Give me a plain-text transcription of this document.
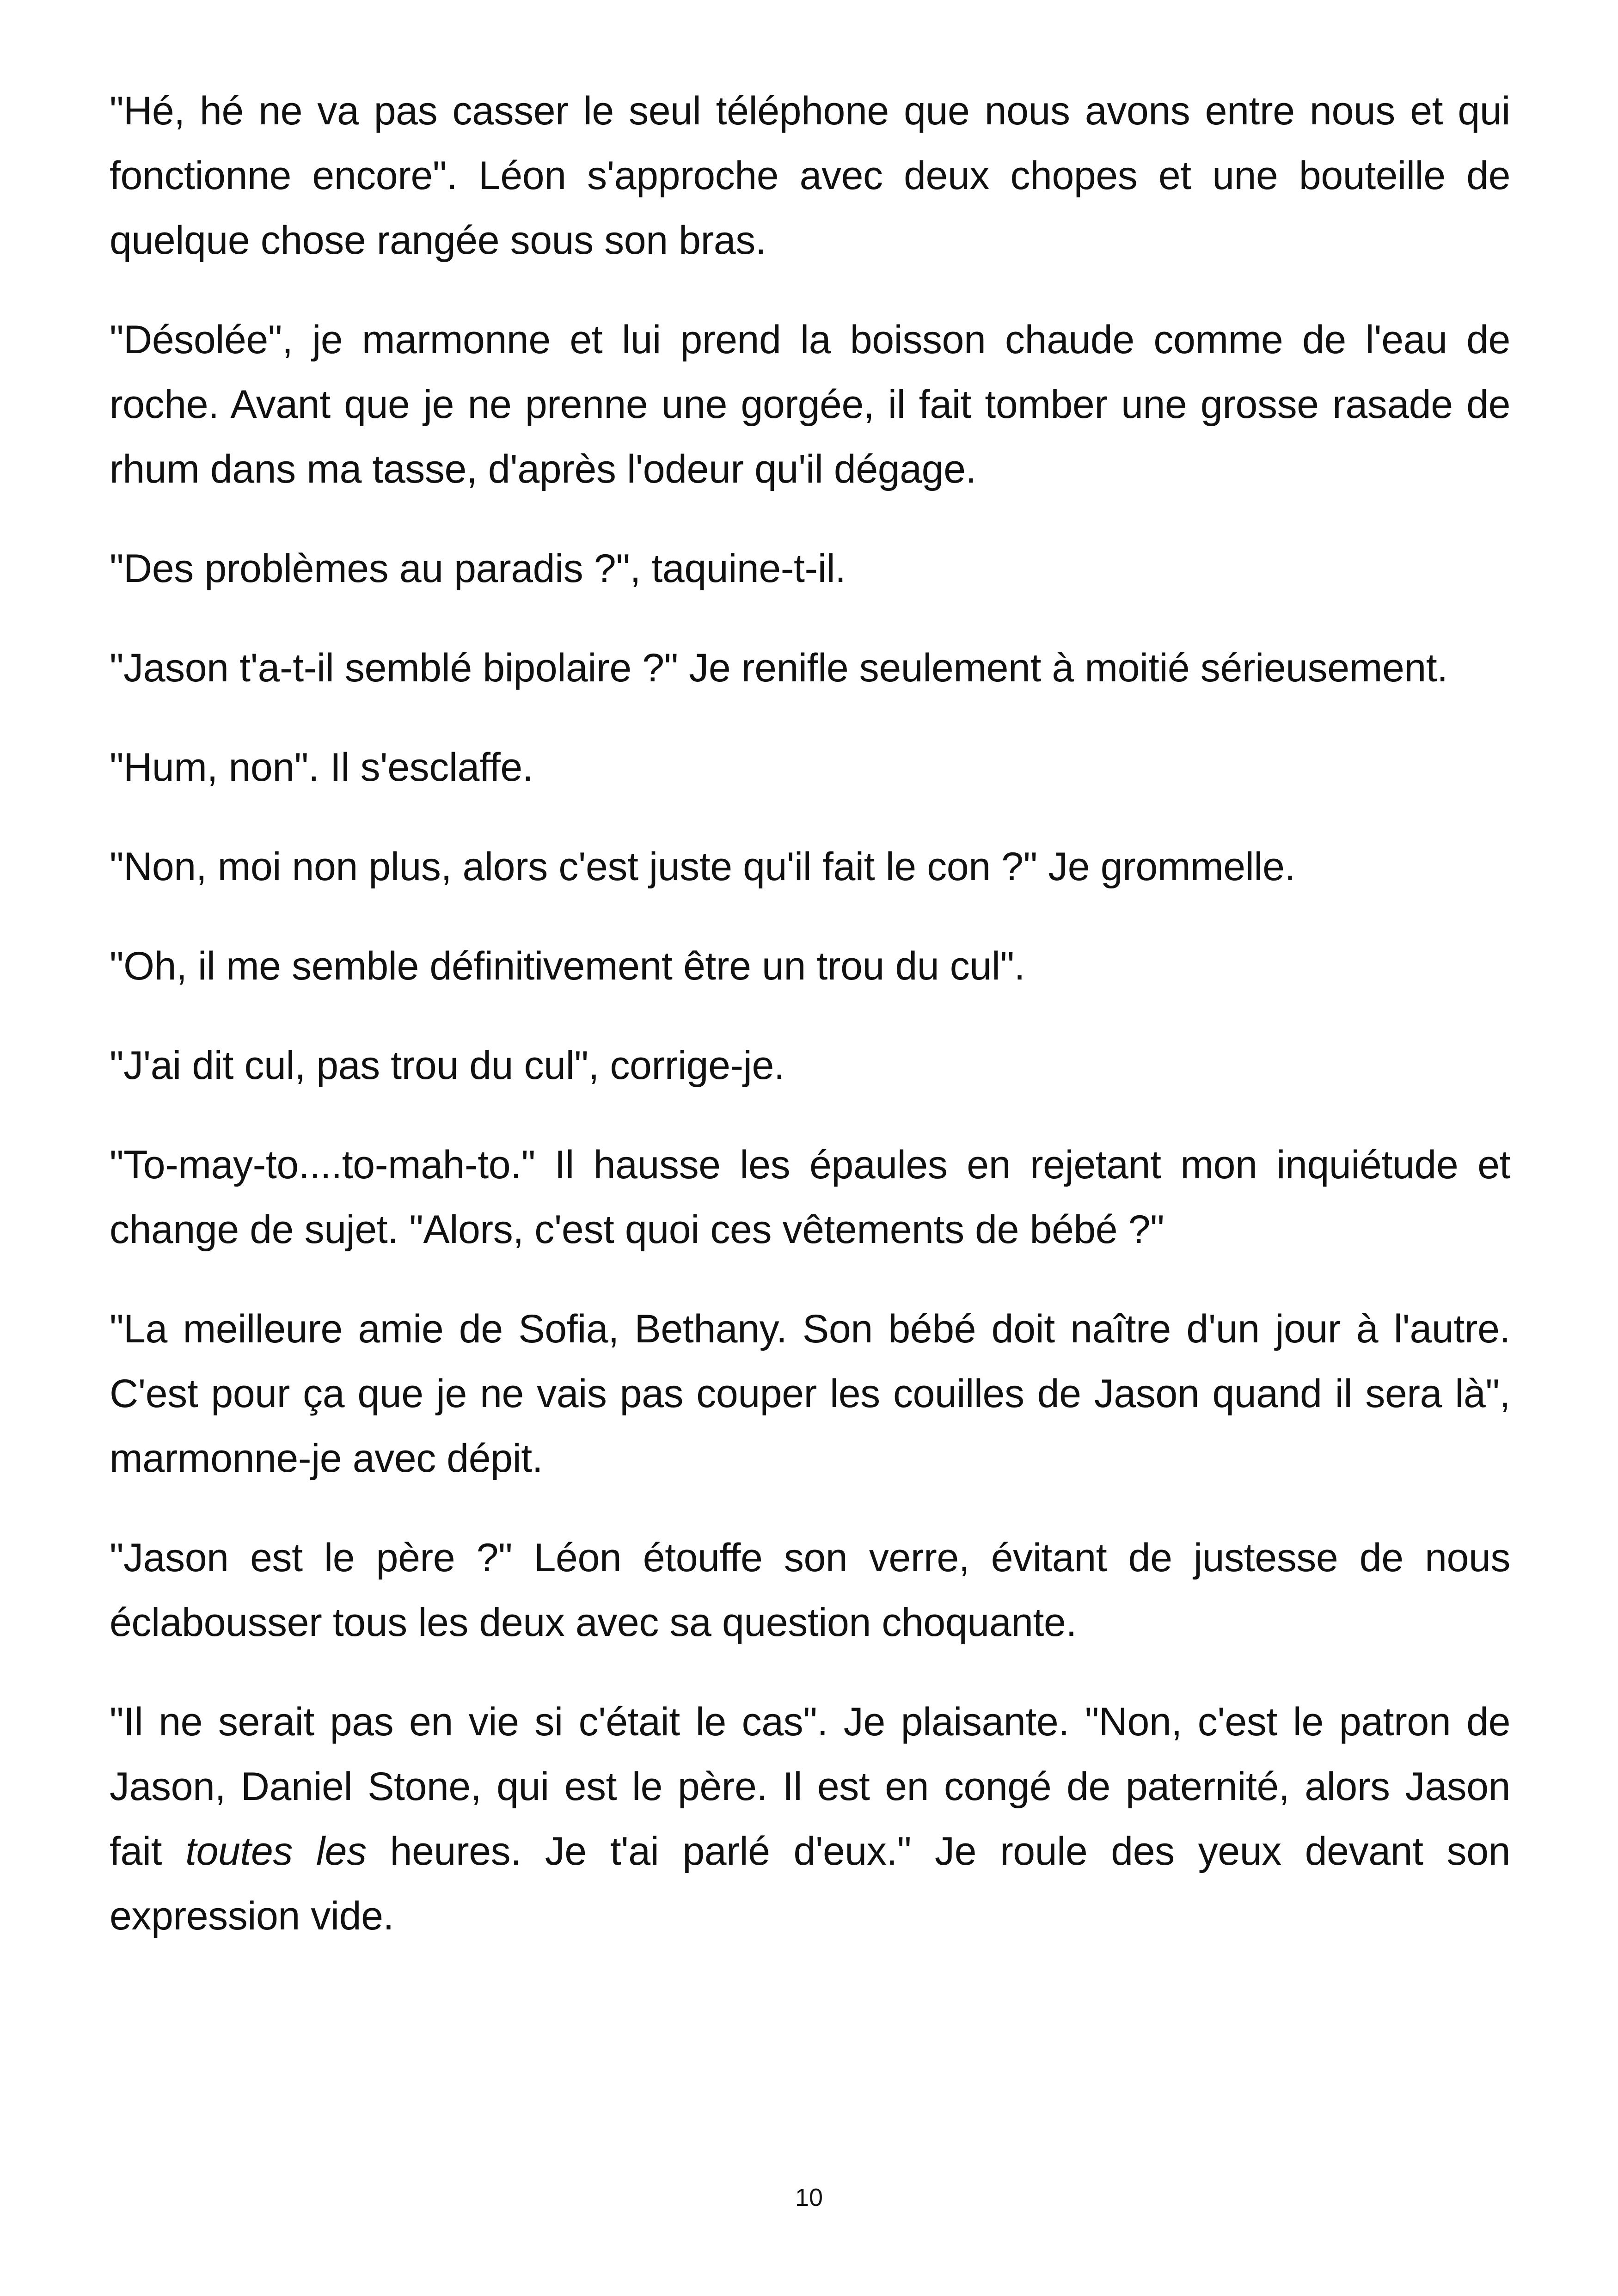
"Hé, hé ne va pas casser le seul téléphone que nous avons entre nous et qui fonctionne encore". Léon s'approche avec deux chopes et une bouteille de quelque chose rangée sous son bras.

"Désolée", je marmonne et lui prend la boisson chaude comme de l'eau de roche. Avant que je ne prenne une gorgée, il fait tomber une grosse rasade de rhum dans ma tasse, d'après l'odeur qu'il dégage.

"Des problèmes au paradis ?", taquine-t-il.

"Jason t'a-t-il semblé bipolaire ?" Je renifle seulement à moitié sérieusement.

"Hum, non". Il s'esclaffe.

"Non, moi non plus, alors c'est juste qu'il fait le con ?" Je grommelle.

"Oh, il me semble définitivement être un trou du cul".

"J'ai dit cul, pas trou du cul", corrige-je.

"To-may-to....to-mah-to." Il hausse les épaules en rejetant mon inquiétude et change de sujet. "Alors, c'est quoi ces vêtements de bébé ?"

"La meilleure amie de Sofia, Bethany. Son bébé doit naître d'un jour à l'autre. C'est pour ça que je ne vais pas couper les couilles de Jason quand il sera là", marmonne-je avec dépit.

"Jason est le père ?" Léon étouffe son verre, évitant de justesse de nous éclabousser tous les deux avec sa question choquante.

"Il ne serait pas en vie si c'était le cas". Je plaisante. "Non, c'est le patron de Jason, Daniel Stone, qui est le père. Il est en congé de paternité, alors Jason fait toutes les heures. Je t'ai parlé d'eux." Je roule des yeux devant son expression vide.

10
